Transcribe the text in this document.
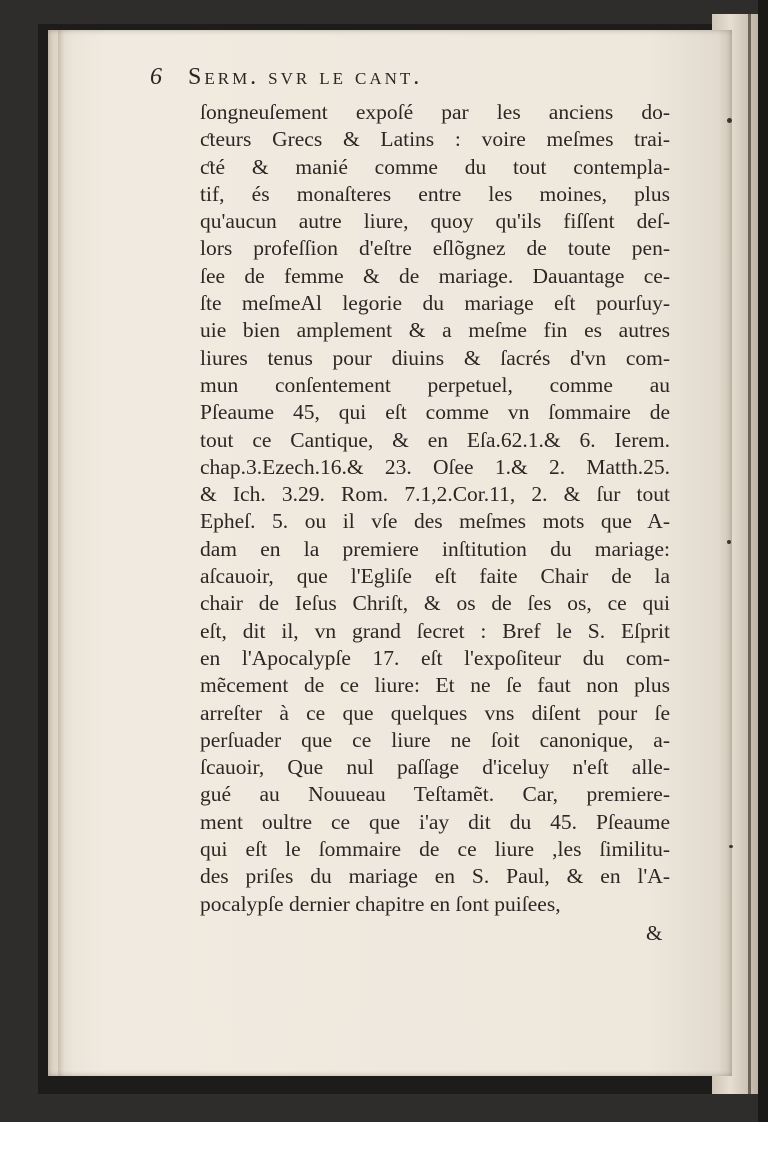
6 Serm. svr le cant.
ſongneuſement expoſé par les anciens do-
ƈteurs Grecs & Latins : voire meſmes trai-
ƈté & manié comme du tout contempla-
tif, és monaſteres entre les moines, plus
qu'aucun autre liure, quoy qu'ils fiſſent deſ-
lors profeſſion d'eſtre eſlõgnez de toute pen-
ſee de femme & de mariage. Dauantage ce-
ſte meſmeAl legorie du mariage eſt pourſuy-
uie bien amplement & a meſme fin es autres
liures tenus pour diuins & ſacrés d'vn com-
mun conſentement perpetuel, comme au
Pſeaume 45, qui eſt comme vn ſommaire de
tout ce Cantique, & en Eſa.62.1.& 6. Ierem.
chap.3.Ezech.16.& 23. Oſee 1.& 2. Matth.25.
& Ich. 3.29. Rom. 7.1,2.Cor.11, 2. & ſur tout
Epheſ. 5. ou il vſe des meſmes mots que A-
dam en la premiere inſtitution du mariage:
aſcauoir, que l'Egliſe eſt faite Chair de la
chair de Ieſus Chriſt, & os de ſes os, ce qui
eſt, dit il, vn grand ſecret : Bref le S. Eſprit
en l'Apocalypſe 17. eſt l'expoſiteur du com-
mẽcement de ce liure: Et ne ſe faut non plus
arreſter à ce que quelques vns diſent pour ſe
perſuader que ce liure ne ſoit canonique, a-
ſcauoir, Que nul paſſage d'iceluy n'eſt alle-
gué au Nouueau Teſtamẽt. Car, premiere-
ment oultre ce que i'ay dit du 45. Pſeaume
qui eſt le ſommaire de ce liure ,les ſimilitu-
des priſes du mariage en S. Paul, & en l'A-
pocalypſe dernier chapitre en ſont puiſees,
&
